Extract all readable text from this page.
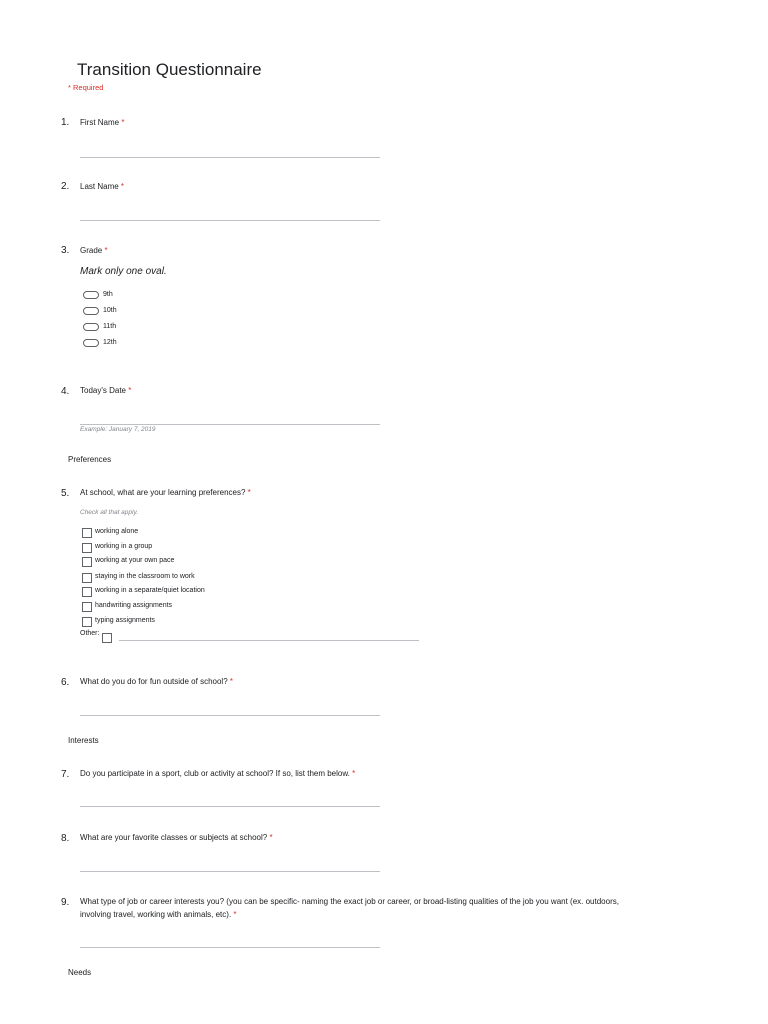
Transition Questionnaire
* Required
1. First Name *
2. Last Name *
3. Grade *
Mark only one oval.
9th
10th
11th
12th
4. Today's Date *
Example: January 7, 2019
Preferences
5. At school, what are your learning preferences? *
Check all that apply.
working alone
working in a group
working at your own pace
staying in the classroom to work
working in a separate/quiet location
handwriting assignments
typing assignments
Other:
6. What do you do for fun outside of school? *
Interests
7. Do you participate in a sport, club or activity at school? If so, list them below. *
8. What are your favorite classes or subjects at school? *
9. What type of job or career interests you? (you can be specific- naming the exact job or career, or broad-listing qualities of the job you want (ex. outdoors,
involving travel, working with animals, etc). *
Needs
